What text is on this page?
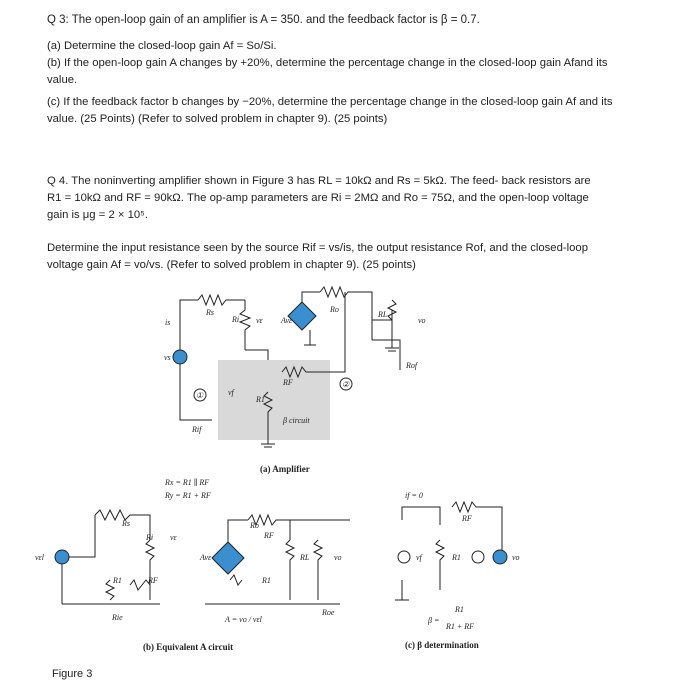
Q 3: The open-loop gain of an amplifier is A = 350. and the feedback factor is β = 0.7.
(a) Determine the closed-loop gain Af = So/Si.
(b) If the open-loop gain A changes by +20%, determine the percentage change in the closed-loop gain Afand its
value.
(c) If the feedback factor b changes by −20%, determine the percentage change in the closed-loop gain Af and its
value. (25 Points) (Refer to solved problem in chapter 9). (25 points)
Q 4. The noninverting amplifier shown in Figure 3 has RL = 10kΩ and Rs = 5kΩ. The feed- back resistors are
R1 = 10kΩ and RF = 90kΩ. The op-amp parameters are Ri = 2MΩ and Ro = 75Ω, and the open-loop voltage
gain is μg = 2 × 10⁵.
Determine the input resistance seen by the source Rif = vs/is, the output resistance Rof, and the closed-loop
voltage gain Af = vo/vs. (Refer to solved problem in chapter 9). (25 points)
(a) Amplifier
(b) Equivalent A circuit	(c) β determination
β circuit
①
②
Rx = R1 ∥ RF
Ry = R1 + RF
A = vo / vεl
if = 0
β =
R1
R1 + RF
Rs
Ri vε Avε
Ro
RL
vo
vs
is
vf
RF
R1
Rif
Rof
vεl
Rs
Ri vε
Avε
Ro
RF
RL	vo
R1	RF	R1
Rie
Roe
vf
RF
R1	vo
Figure 3
